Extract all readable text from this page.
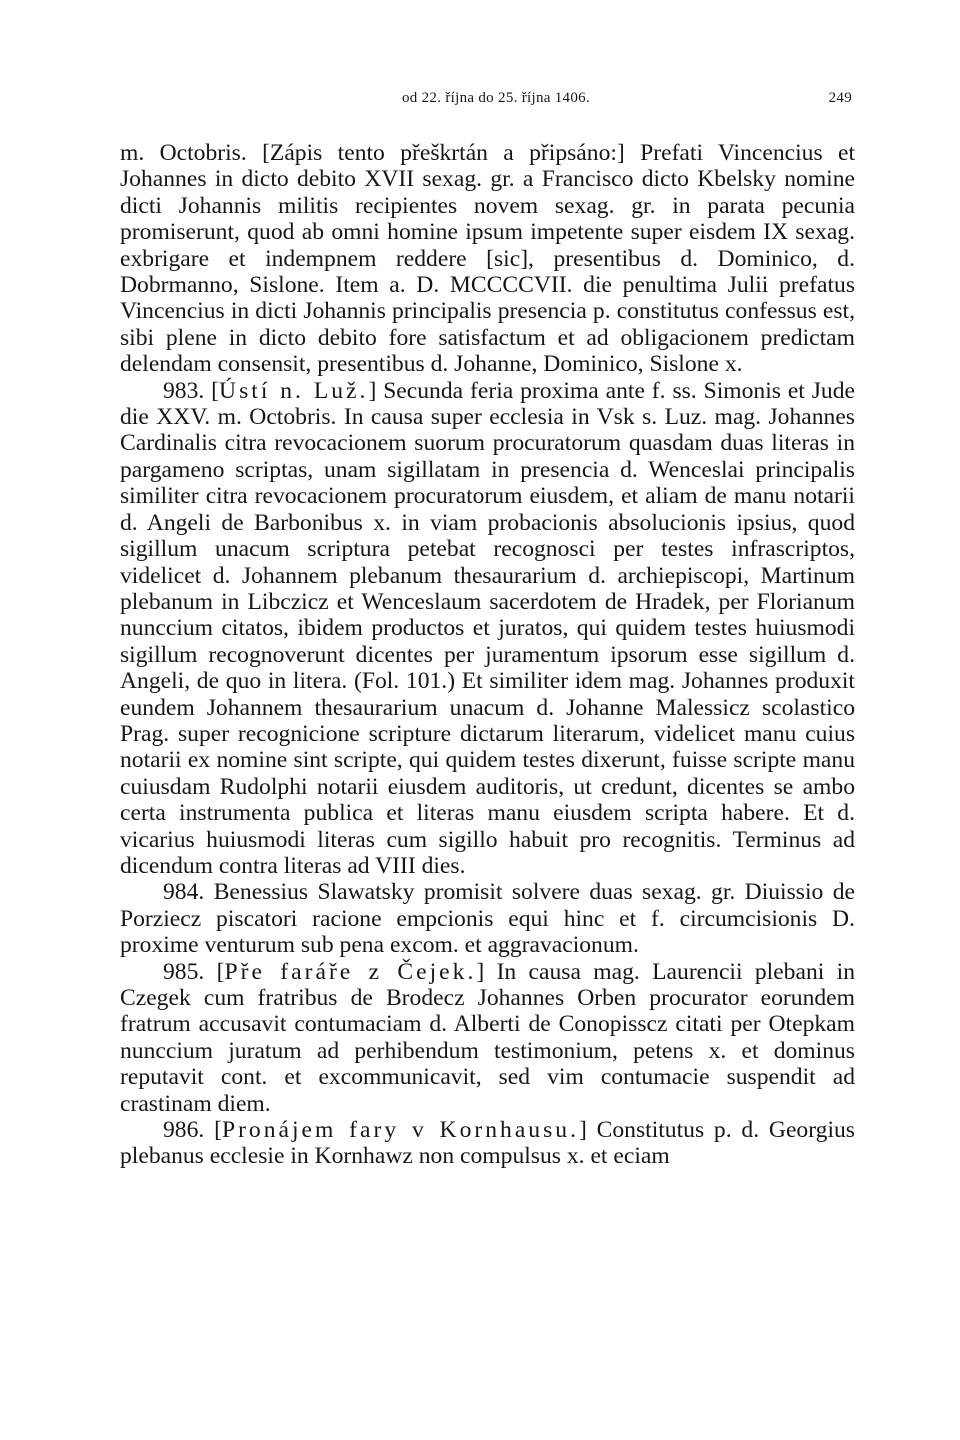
od 22. října do 25. října 1406.	249

m. Octobris. [Zápis tento přeškrtán a připsáno:] Prefati Vincencius et Johannes in dicto debito XVII sexag. gr. a Francisco dicto Kbelsky nomine dicti Johannis militis recipientes novem sexag. gr. in parata pecunia promiserunt, quod ab omni homine ipsum impetente super eisdem IX sexag. exbrigare et indempnem reddere [sic], presentibus d. Dominico, d. Dobrmanno, Sislone. Item a. D. MCCCCVII. die penultima Julii prefatus Vincencius in dicti Johannis principalis presencia p. constitutus confessus est, sibi plene in dicto debito fore satisfactum et ad obligacionem predictam delendam consensit, presentibus d. Johanne, Dominico, Sislone x.

983. [Ústí n. Luž.] Secunda feria proxima ante f. ss. Simonis et Jude die XXV. m. Octobris. In causa super ecclesia in Vsk s. Luz. mag. Johannes Cardinalis citra revocacionem suorum procuratorum quasdam duas literas in pargameno scriptas, unam sigillatam in presencia d. Wenceslai principalis similiter citra revocacionem procuratorum eiusdem, et aliam de manu notarii d. Angeli de Barbonibus x. in viam probacionis absolucionis ipsius, quod sigillum unacum scriptura petebat recognosci per testes infrascriptos, videlicet d. Johannem plebanum thesaurarium d. archiepiscopi, Martinum plebanum in Libczicz et Wenceslaum sacerdotem de Hradek, per Florianum nunccium citatos, ibidem productos et juratos, qui quidem testes huiusmodi sigillum recognoverunt dicentes per juramentum ipsorum esse sigillum d. Angeli, de quo in litera. (Fol. 101.) Et similiter idem mag. Johannes produxit eundem Johannem thesaurarium unacum d. Johanne Malessicz scolastico Prag. super recognicione scripture dictarum literarum, videlicet manu cuius notarii ex nomine sint scripte, qui quidem testes dixerunt, fuisse scripte manu cuiusdam Rudolphi notarii eiusdem auditoris, ut credunt, dicentes se ambo certa instrumenta publica et literas manu eiusdem scripta habere. Et d. vicarius huiusmodi literas cum sigillo habuit pro recognitis. Terminus ad dicendum contra literas ad VIII dies.

984. Benessius Slawatsky promisit solvere duas sexag. gr. Diuissio de Porziecz piscatori racione empcionis equi hinc et f. circumcisionis D. proxime venturum sub pena excom. et aggravacionum.

985. [Pře faráře z Čejek.] In causa mag. Laurencii plebani in Czegek cum fratribus de Brodecz Johannes Orben procurator eorundem fratrum accusavit contumaciam d. Alberti de Conopissсz citati per Otepkam nunccium juratum ad perhibendum testimonium, petens x. et dominus reputavit cont. et excommunicavit, sed vim contumacie suspendit ad crastinam diem.

986. [Pronájem fary v Kornhausu.] Constitutus p. d. Georgius plebanus ecclesie in Kornhawz non compulsus x. et eciam
